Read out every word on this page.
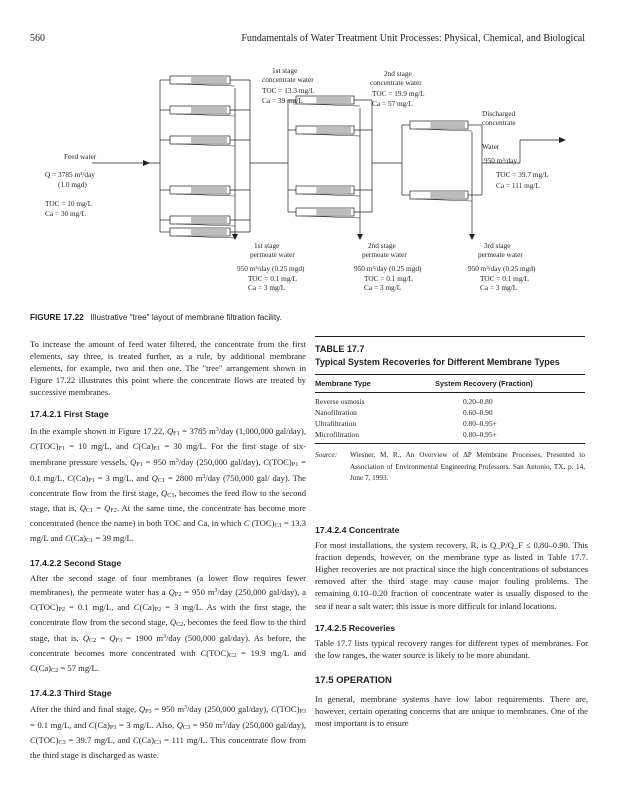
560	Fundamentals of Water Treatment Unit Processes: Physical, Chemical, and Biological
1st stage
concentrate water
TOC = 13.3 mg/L
Ca = 39 mg/L
2nd stage
concentrate water
TOC = 19.9 mg/L
Ca = 57 mg/L
Discharged
concentrate
Water
950 m³/day
TOC = 39.7 mg/L
Ca = 111 mg/L
Feed water
Q = 3785 m³/day
(1.0 mgd)
TOC = 10 mg/L
Ca = 30 mg/L
1st stage
permeate water
950 m³/day (0.25 mgd)
TOC = 0.1 mg/L
Ca = 3 mg/L
2nd stage
permeate water
950 m³/day (0.25 mgd)
TOC = 0.1 mg/L
Ca = 3 mg/L
3rd stage
permeate water
950 m³/day (0.25 mgd)
TOC = 0.1 mg/L
Ca = 3 mg/L
FIGURE 17.22 Illustrative "tree" layout of membrane filtration facility.

To increase the amount of feed water filtered, the concentrate from the first elements, say three, is treated further, as a rule, by additional membrane elements, for example, two and then one. The "tree" arrangement shown in Figure 17.22 illustrates this point where the concentrate flows are treated by successive membranes.

17.4.2.1 First Stage

In the example shown in Figure 17.22, QF1 = 3785 $m^3$/day (1,000,000 gal/day), C(TOC)F1 = 10 mg/L, and C(Ca)F1 = 30 mg/L. For the first stage of six-membrane pressure vessels, QP1 = 950 $m^3$/day (250,000 gal/day), C(TOC)P1 = 0.1 mg/L, C(Ca)P1 = 3 mg/L, and QC1 = 2800 $m^3$/day (750,000 gal/ day). The concentrate flow from the first stage, QC1, becomes the feed flow to the second stage, that is, QC1 = QF2. At the same time, the concentrate has become more concentrated (hence the name) in both TOC and Ca, in which C (TOC)C1 = 13.3 mg/L and C(Ca)C1 = 39 mg/L.

17.4.2.2 Second Stage

After the second stage of four membranes (a lower flow requires fewer membranes), the permeate water has a QP2 = 950 $m^3$/day (250,000 gal/day), a C(TOC)P2 = 0.1 mg/L, and C(Ca)P2 = 3 mg/L. As with the first stage, the concentrate flow from the second stage, QC2, becomes the feed flow to the third stage, that is, QC2 = QF3 = 1900 $m^3$/day (500,000 gal/day). As before, the concentrate becomes more concentrated with C(TOC)C2 = 19.9 mg/L and C(Ca)C2 = 57 mg/L.

17.4.2.3 Third Stage

After the third and final stage, QP3 = 950 $m^3$/day (250,000 gal/day), C(TOC)P3 = 0.1 mg/L, and C(Ca)P3 = 3 mg/L. Also, QC3 = 950 $m^3$/day (250,000 gal/day), C(TOC)C3 = 39.7 mg/L, and C(Ca)C3 = 111 mg/L. This concentrate flow from the third stage is discharged as waste.

TABLE 17.7
Typical System Recoveries for Different Membrane Types
Membrane Type	System Recovery (Fraction)

Reverse osmosis	0.20–0.80
Nanofiltration	0.60–0.90
Ultrafiltration	0.80–0.95+
Microfiltration	0.80–0.95+

Source:	Wiesner, M. R., An Overview of ΔP Membrane Processes, Presented to Association of Environmental Engineering Professors, San Antonio, TX, p. 14, June 7, 1993.
17.4.2.4 Concentrate

For most installations, the system recovery, R, is Q_P/Q_F ≤ 0.80–0.90. This fraction depends, however, on the membrane type as listed in Table 17.7. Higher recoveries are not practical since the high concentrations of substances removed after the third stage may cause major fouling problems. The remaining 0.10–0.20 fraction of concentrate water is usually disposed to the sea if near a salt water; this issue is more difficult for inland locations.

17.4.2.5 Recoveries

Table 17.7 lists typical recovery ranges for different types of membranes. For the low ranges, the water source is likely to be more abundant.

17.5 OPERATION

In general, membrane systems have low labor requirements. There are, however, certain operating concerns that are unique to membranes. One of the most important is to ensure
